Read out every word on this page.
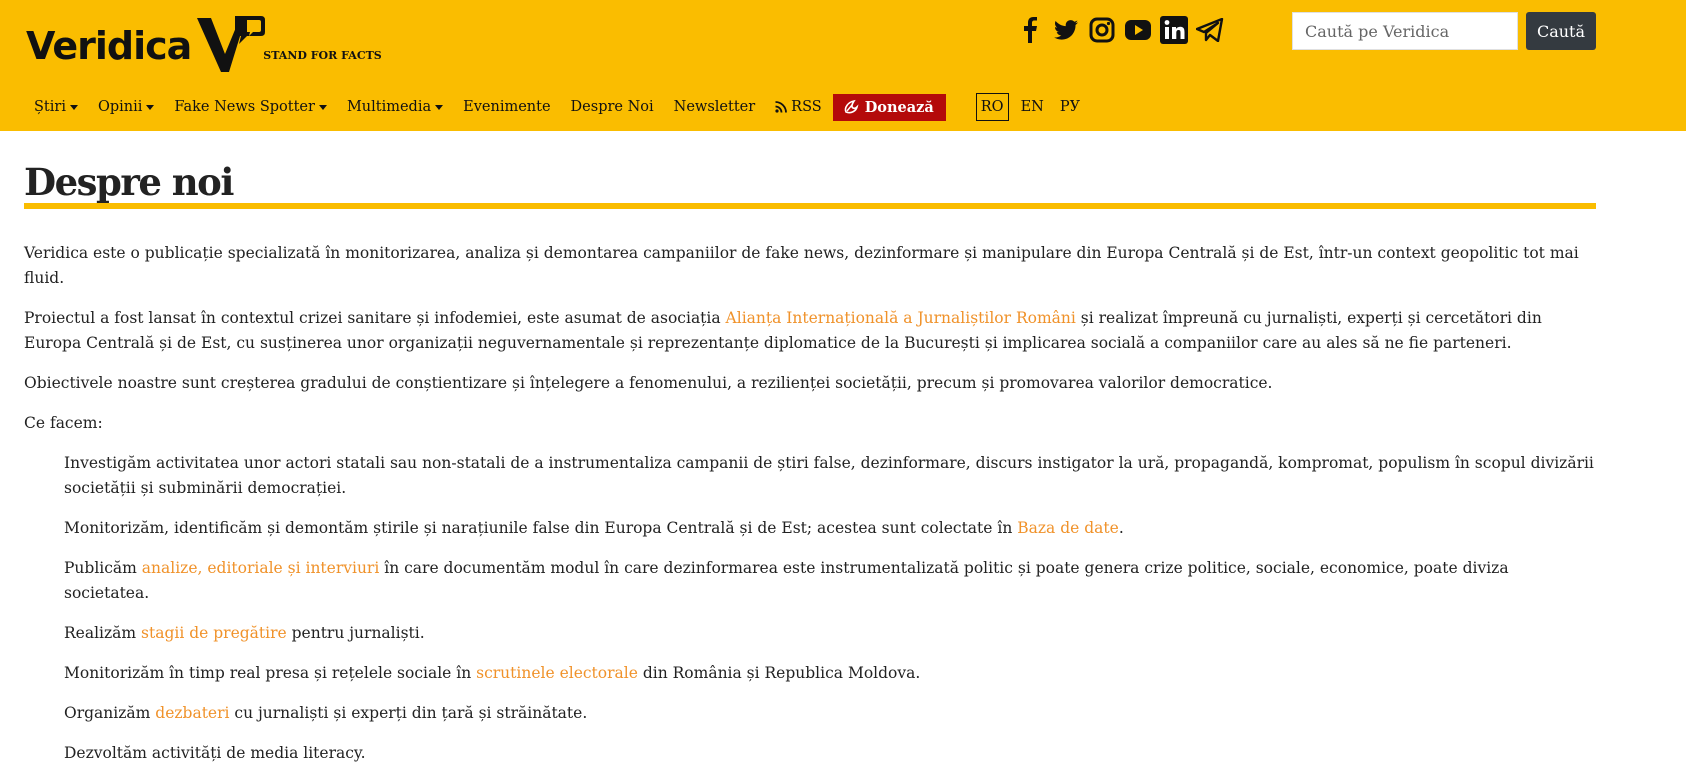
Veridica	STAND FOR FACTS
Caută pe Veridica
Caută
Știri Opinii Fake News Spotter Multimedia Evenimente Despre Noi Newsletter RSS	Donează	RO	EN РУ
Despre noi

Veridica este o publicație specializată în monitorizarea, analiza și demontarea campaniilor de fake news, dezinformare și manipulare din Europa Centrală și de Est, într-un context geopolitic tot mai fluid.

Proiectul a fost lansat în contextul crizei sanitare și infodemiei, este asumat de asociația Alianța Internațională a Jurnaliștilor Români și realizat împreună cu jurnaliști, experți și cercetători din Europa Centrală și de Est, cu susținerea unor organizații neguvernamentale și reprezentanțe diplomatice de la București și implicarea socială a companiilor care au ales să ne fie parteneri.

Obiectivele noastre sunt creșterea gradului de conștientizare și înțelegere a fenomenului, a rezilienței societății, precum și promovarea valorilor democratice.

Ce facem:

Investigăm activitatea unor actori statali sau non-statali de a instrumentaliza campanii de știri false, dezinformare, discurs instigator la ură, propagandă, kompromat, populism în scopul divizării societății și subminării democrației.

Monitorizăm, identificăm și demontăm știrile și narațiunile false din Europa Centrală și de Est; acestea sunt colectate în Baza de date.

Publicăm analize, editoriale și interviuri în care documentăm modul în care dezinformarea este instrumentalizată politic și poate genera crize politice, sociale, economice, poate diviza societatea.

Realizăm stagii de pregătire pentru jurnaliști.

Monitorizăm în timp real presa și rețelele sociale în scrutinele electorale din România și Republica Moldova.

Organizăm dezbateri cu jurnaliști și experți din țară și străinătate.

Dezvoltăm activități de media literacy.
